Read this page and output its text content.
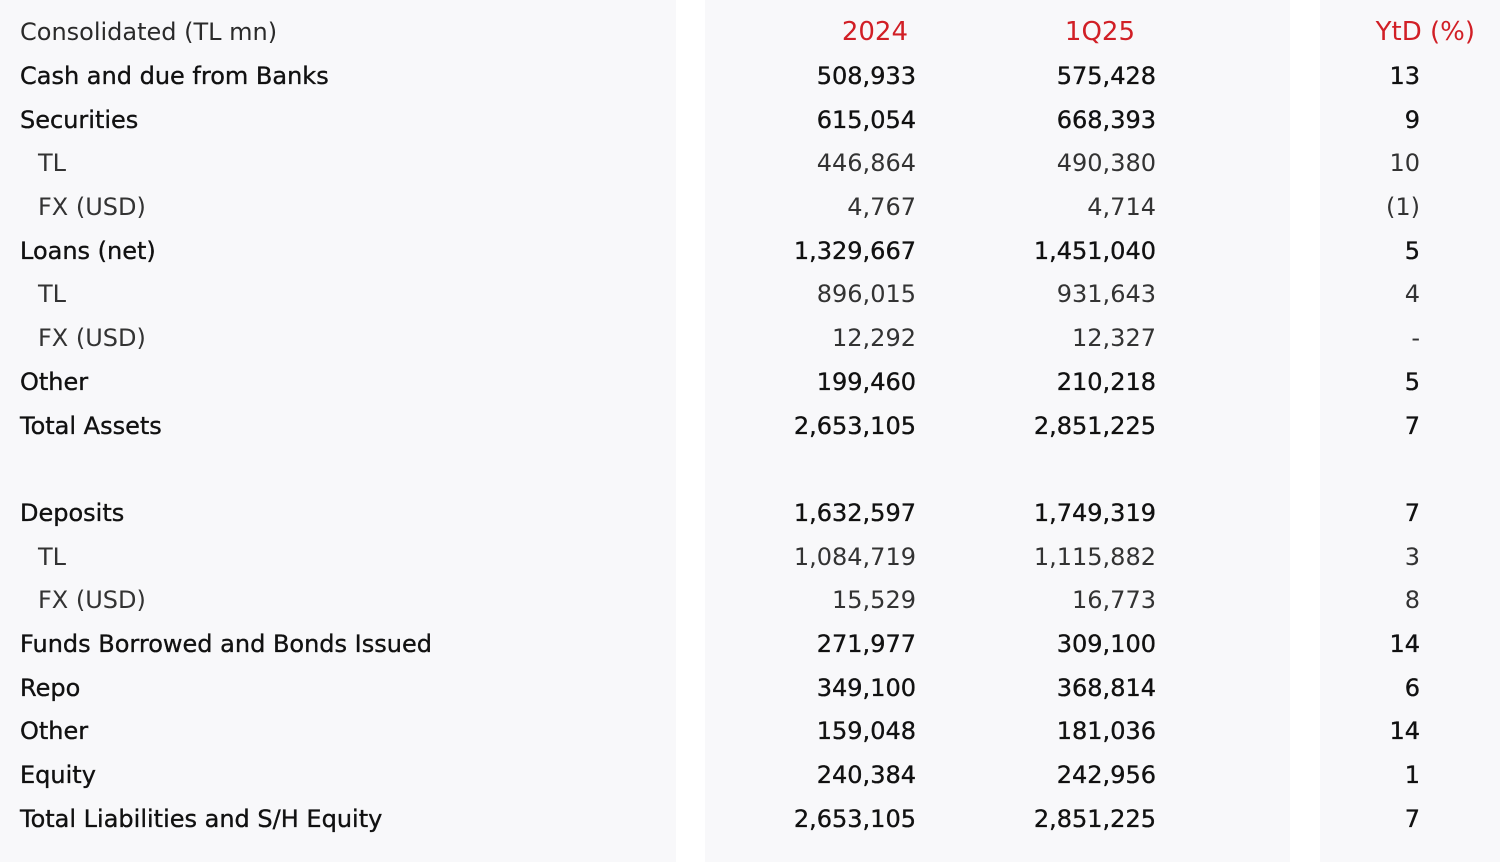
Consolidated (TL mn)	2024	1Q25	YtD (%)
Cash and due from Banks	508,933	575,428	13
Securities	615,054	668,393	9
TL	446,864	490,380	10
FX (USD)	4,767	4,714	(1)
Loans (net)	1,329,667	1,451,040	5
TL	896,015	931,643	4
FX (USD)	12,292	12,327	-
Other	199,460	210,218	5
Total Assets	2,653,105	2,851,225	7
Deposits	1,632,597	1,749,319	7
TL	1,084,719	1,115,882	3
FX (USD)	15,529	16,773	8
Funds Borrowed and Bonds Issued	271,977	309,100	14
Repo	349,100	368,814	6
Other	159,048	181,036	14
Equity	240,384	242,956	1
Total Liabilities and S/H Equity	2,653,105	2,851,225	7
